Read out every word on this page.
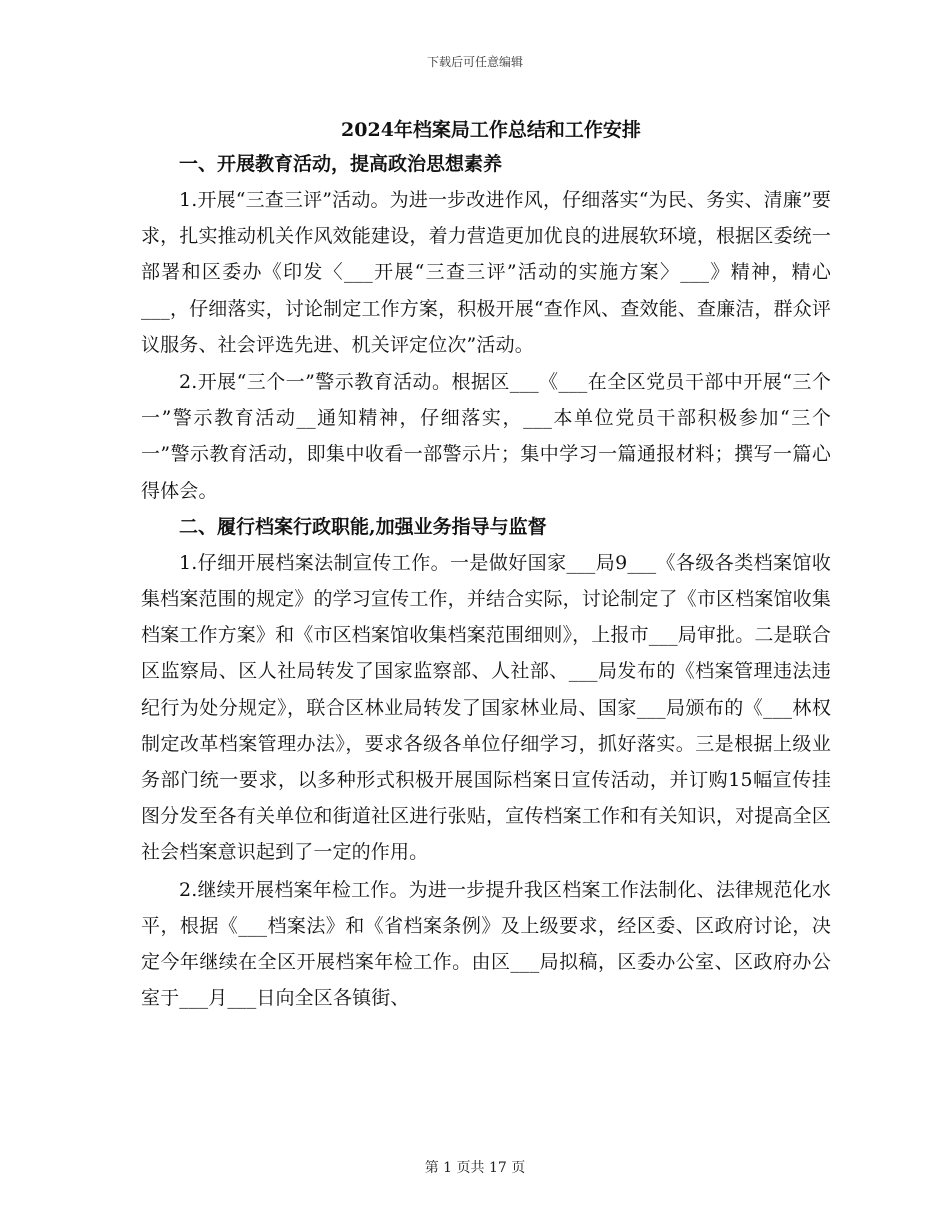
下载后可任意编辑
2024年档案局工作总结和工作安排
一、开展教育活动，提高政治思想素养

1.开展“三查三评”活动。为进一步改进作风，仔细落实“为民、务实、清廉”要求，扎实推动机关作风效能建设，着力营造更加优良的进展软环境，根据区委统一部署和区委办《印发〈___开展“三查三评”活动的实施方案〉___》精神，精心___，仔细落实，讨论制定工作方案，积极开展“查作风、查效能、查廉洁，群众评议服务、社会评选先进、机关评定位次”活动。

2.开展“三个一”警示教育活动。根据区___《___在全区党员干部中开展“三个一”警示教育活动__通知精神，仔细落实，___本单位党员干部积极参加“三个一”警示教育活动，即集中收看一部警示片；集中学习一篇通报材料；撰写一篇心得体会。

二、履行档案行政职能,加强业务指导与监督

1.仔细开展档案法制宣传工作。一是做好国家___局9___《各级各类档案馆收集档案范围的规定》的学习宣传工作，并结合实际，讨论制定了《市区档案馆收集档案工作方案》和《市区档案馆收集档案范围细则》，上报市___局审批。二是联合区监察局、区人社局转发了国家监察部、人社部、___局发布的《档案管理违法违纪行为处分规定》，联合区林业局转发了国家林业局、国家___局颁布的《___林权制定改革档案管理办法》，要求各级各单位仔细学习，抓好落实。三是根据上级业务部门统一要求，以多种形式积极开展国际档案日宣传活动，并订购15幅宣传挂图分发至各有关单位和街道社区进行张贴，宣传档案工作和有关知识，对提高全区社会档案意识起到了一定的作用。

2.继续开展档案年检工作。为进一步提升我区档案工作法制化、法律规范化水平，根据《___档案法》和《省档案条例》及上级要求，经区委、区政府讨论，决定今年继续在全区开展档案年检工作。由区___局拟稿，区委办公室、区政府办公室于___月___日向全区各镇街、

第 1 页共 17 页
